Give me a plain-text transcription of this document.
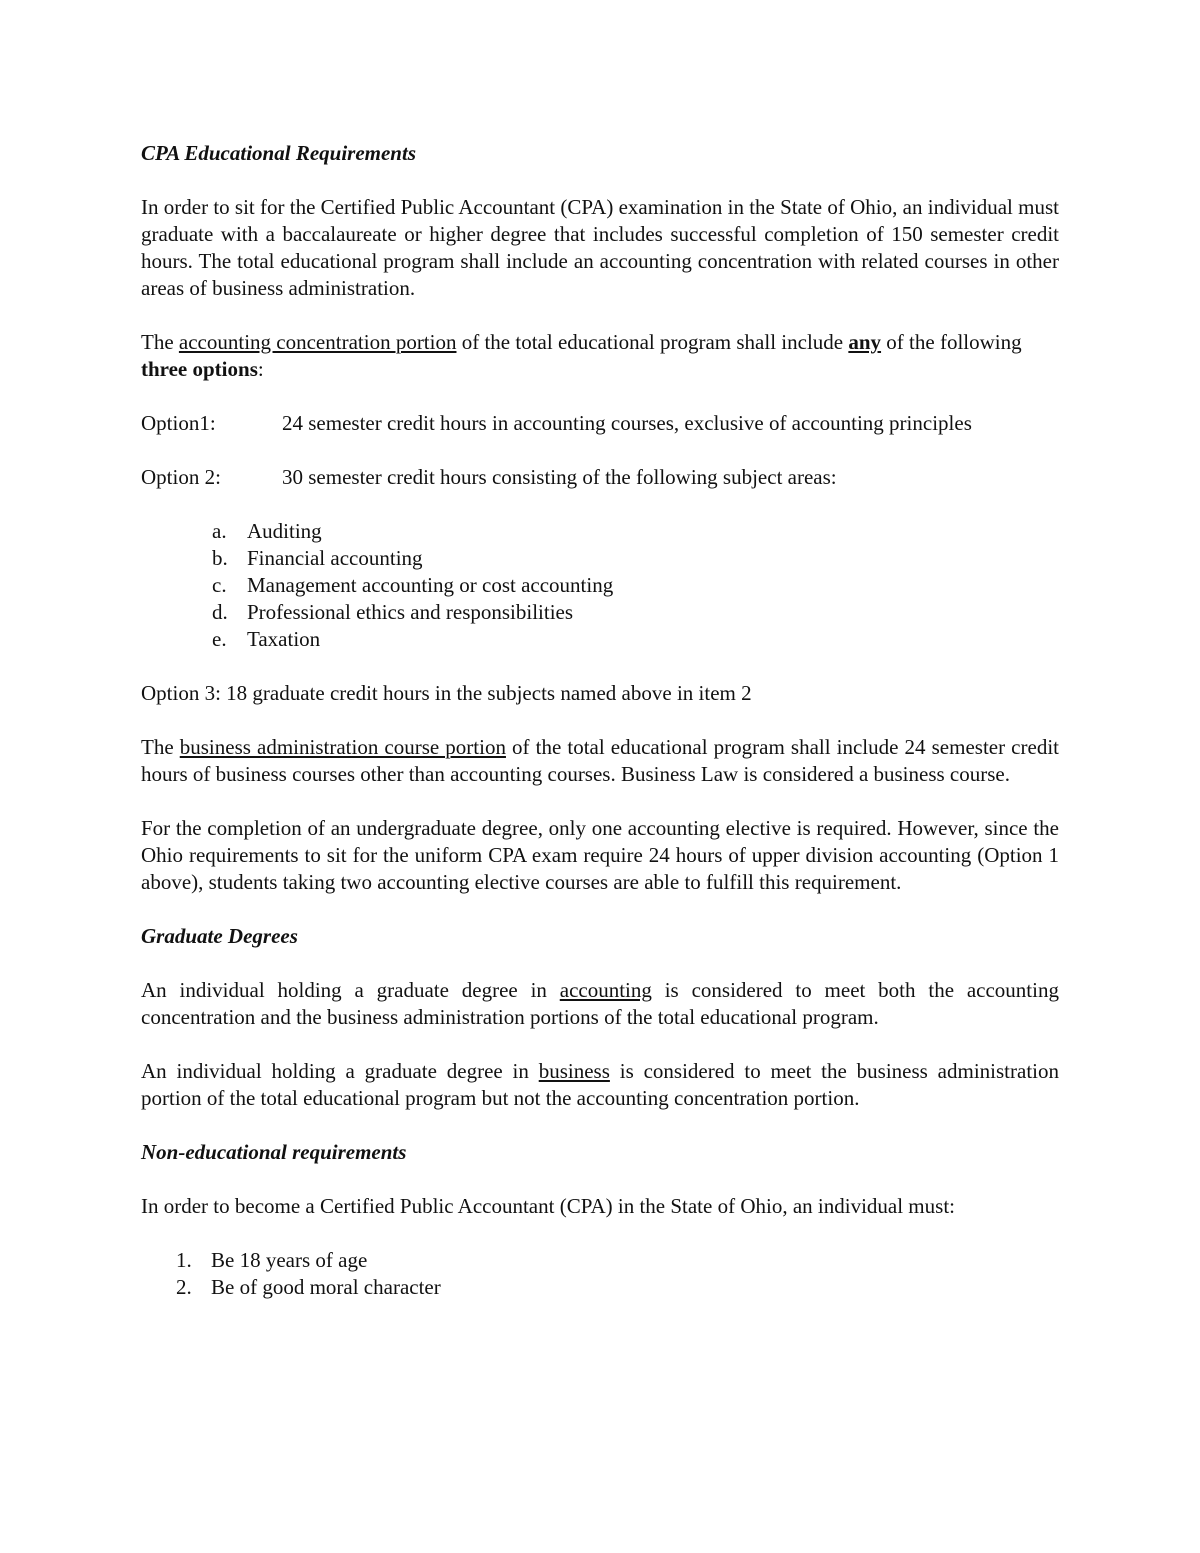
CPA Educational Requirements

In order to sit for the Certified Public Accountant (CPA) examination in the State of Ohio, an individual must graduate with a baccalaureate or higher degree that includes successful completion of 150 semester credit hours. The total educational program shall include an accounting concentration with related courses in other areas of business administration.

The accounting concentration portion of the total educational program shall include any of the following three options:

Option1:	24 semester credit hours in accounting courses, exclusive of accounting principles
Option 2:	30 semester credit hours consisting of the following subject areas:
a. Auditing
b. Financial accounting
c. Management accounting or cost accounting
d. Professional ethics and responsibilities
e. Taxation

Option 3: 18 graduate credit hours in the subjects named above in item 2

The business administration course portion of the total educational program shall include 24 semester credit hours of business courses other than accounting courses. Business Law is considered a business course.

For the completion of an undergraduate degree, only one accounting elective is required. However, since the Ohio requirements to sit for the uniform CPA exam require 24 hours of upper division accounting (Option 1 above), students taking two accounting elective courses are able to fulfill this requirement.

Graduate Degrees

An individual holding a graduate degree in accounting is considered to meet both the accounting concentration and the business administration portions of the total educational program.

An individual holding a graduate degree in business is considered to meet the business administration portion of the total educational program but not the accounting concentration portion.

Non-educational requirements

In order to become a Certified Public Accountant (CPA) in the State of Ohio, an individual must:

1. Be 18 years of age
2. Be of good moral character
